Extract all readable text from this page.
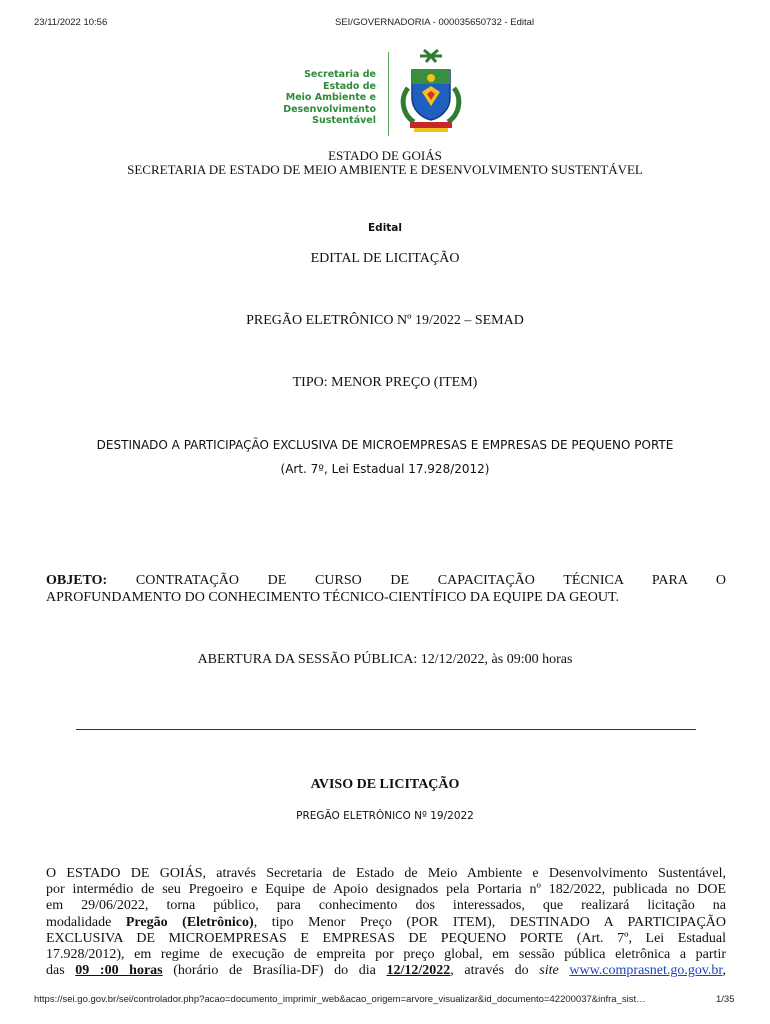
23/11/2022 10:56	SEI/GOVERNADORIA - 000035650732 - Edital
Secretaria de
Estado de
Meio Ambiente e
Desenvolvimento
Sustentável
ESTADO DE GOIÁS
SECRETARIA DE ESTADO DE MEIO AMBIENTE E DESENVOLVIMENTO SUSTENTÁVEL
Edital
EDITAL DE LICITAÇÃO
PREGÃO ELETRÔNICO Nº 19/2022 – SEMAD
TIPO: MENOR PREÇO (ITEM)
DESTINADO A PARTICIPAÇÃO EXCLUSIVA DE MICROEMPRESAS E EMPRESAS DE PEQUENO PORTE
(Art. 7º, Lei Estadual 17.928/2012)
OBJETO: CONTRATAÇÃO DE CURSO DE CAPACITAÇÃO TÉCNICA PARA O
APROFUNDAMENTO DO CONHECIMENTO TÉCNICO-CIENTÍFICO DA EQUIPE DA GEOUT.
ABERTURA DA SESSÃO PÚBLICA: 12/12/2022, às 09:00 horas
AVISO DE LICITAÇÃO
PREGÃO ELETRÔNICO Nº 19/2022
O ESTADO DE GOIÁS, através Secretaria de Estado de Meio Ambiente e Desenvolvimento Sustentável,
por intermédio de seu Pregoeiro e Equipe de Apoio designados pela Portaria nº 182/2022, publicada no DOE
em 29/06/2022, torna público, para conhecimento dos interessados, que realizará licitação na
modalidade Pregão (Eletrônico), tipo Menor Preço (POR ITEM), DESTINADO A PARTICIPAÇÃO
EXCLUSIVA DE MICROEMPRESAS E EMPRESAS DE PEQUENO PORTE (Art. 7º, Lei Estadual
17.928/2012), em regime de execução de empreita por preço global, em sessão pública eletrônica a partir
das 09 :00 horas (horário de Brasília-DF) do dia 12/12/2022, através do site www.comprasnet.go.gov.br,
https://sei.go.gov.br/sei/controlador.php?acao=documento_imprimir_web&acao_origem=arvore_visualizar&id_documento=42200037&infra_sist…	1/35
